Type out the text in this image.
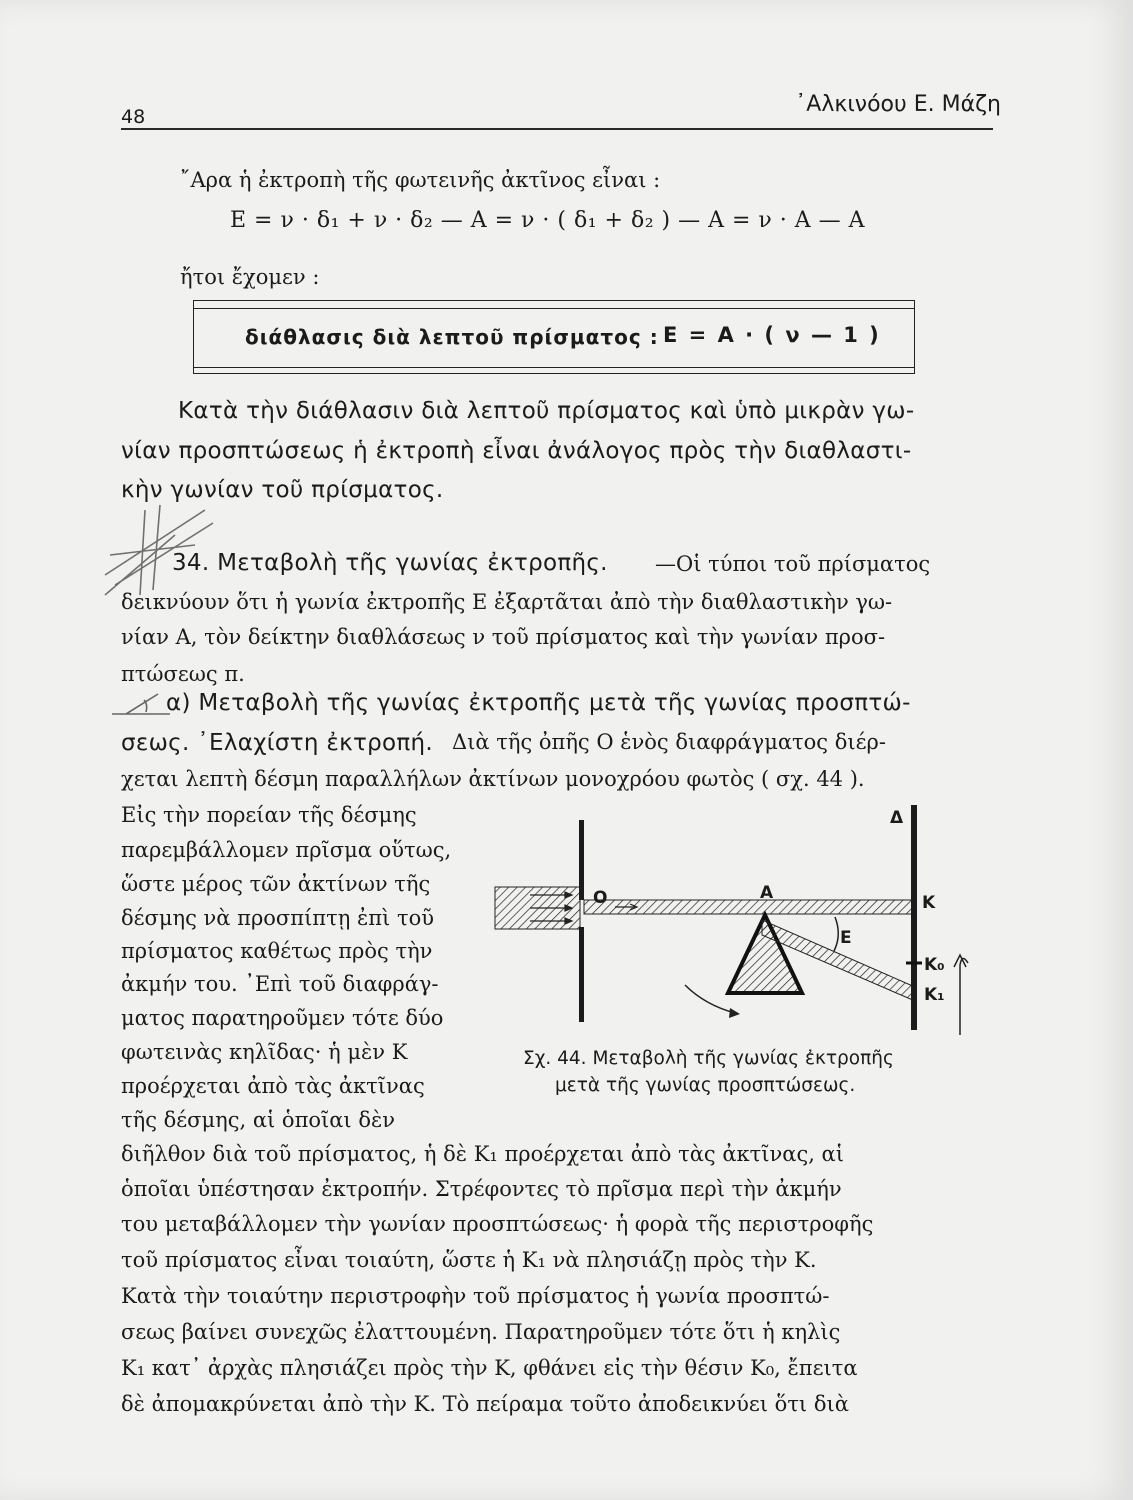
48	᾿Αλκινόου Ε. Μάζη
῎Αρα ἡ ἐκτροπὴ τῆς φωτεινῆς ἀκτῖνος εἶναι :
E = ν · δ₁ + ν · δ₂ — A = ν · ( δ₁ + δ₂ ) — A = ν · A — A
ἤτοι ἔχομεν :
διάθλασις διὰ λεπτοῦ πρίσματος : E = A · ( ν — 1 )
Κατὰ τὴν διάθλασιν διὰ λεπτοῦ πρίσματος καὶ ὑπὸ μικρὰν γω-
νίαν προσπτώσεως ἡ ἐκτροπὴ εἶναι ἀνάλογος πρὸς τὴν διαθλαστι-
κὴν γωνίαν τοῦ πρίσματος.
34. Μεταβολὴ τῆς γωνίας ἐκτροπῆς. —Οἱ τύποι τοῦ πρίσματος
δεικνύουν ὅτι ἡ γωνία ἐκτροπῆς E ἐξαρτᾶται ἀπὸ τὴν διαθλαστικὴν γω-
νίαν A, τὸν δείκτην διαθλάσεως ν τοῦ πρίσματος καὶ τὴν γωνίαν προσ-
πτώσεως π.
α) Μεταβολὴ τῆς γωνίας ἐκτροπῆς μετὰ τῆς γωνίας προσπτώ-
σεως. ᾿Ελαχίστη ἐκτροπή. Διὰ τῆς ὀπῆς O ἑνὸς διαφράγματος διέρ-
χεται λεπτὴ δέσμη παραλλήλων ἀκτίνων μονοχρόου φωτὸς ( σχ. 44 ).
Εἰς τὴν πορείαν τῆς δέσμης
παρεμβάλλομεν πρῖσμα οὕτως,
ὥστε μέρος τῶν ἀκτίνων τῆς
δέσμης νὰ προσπίπτῃ ἐπὶ τοῦ
πρίσματος καθέτως πρὸς τὴν
ἀκμήν του. ᾿Επὶ τοῦ διαφράγ-
ματος παρατηροῦμεν τότε δύο
φωτεινὰς κηλῖδας· ἡ μὲν K
προέρχεται ἀπὸ τὰς ἀκτῖνας
τῆς δέσμης, αἱ ὁποῖαι δὲν
O	A
Δ
K
E
K₀
K₁
Σχ. 44. Μεταβολὴ τῆς γωνίας ἐκτροπῆς
μετὰ τῆς γωνίας προσπτώσεως.
διῆλθον διὰ τοῦ πρίσματος, ἡ δὲ K₁ προέρχεται ἀπὸ τὰς ἀκτῖνας, αἱ
ὁποῖαι ὑπέστησαν ἐκτροπήν. Στρέφοντες τὸ πρῖσμα περὶ τὴν ἀκμήν
του μεταβάλλομεν τὴν γωνίαν προσπτώσεως· ἡ φορὰ τῆς περιστροφῆς
τοῦ πρίσματος εἶναι τοιαύτη, ὥστε ἡ K₁ νὰ πλησιάζῃ πρὸς τὴν K.
Κατὰ τὴν τοιαύτην περιστροφὴν τοῦ πρίσματος ἡ γωνία προσπτώ-
σεως βαίνει συνεχῶς ἐλαττουμένη. Παρατηροῦμεν τότε ὅτι ἡ κηλὶς
K₁ κατ᾿ ἀρχὰς πλησιάζει πρὸς τὴν K, φθάνει εἰς τὴν θέσιν K₀, ἔπειτα
δὲ ἀπομακρύνεται ἀπὸ τὴν K. Τὸ πείραμα τοῦτο ἀποδεικνύει ὅτι διὰ
